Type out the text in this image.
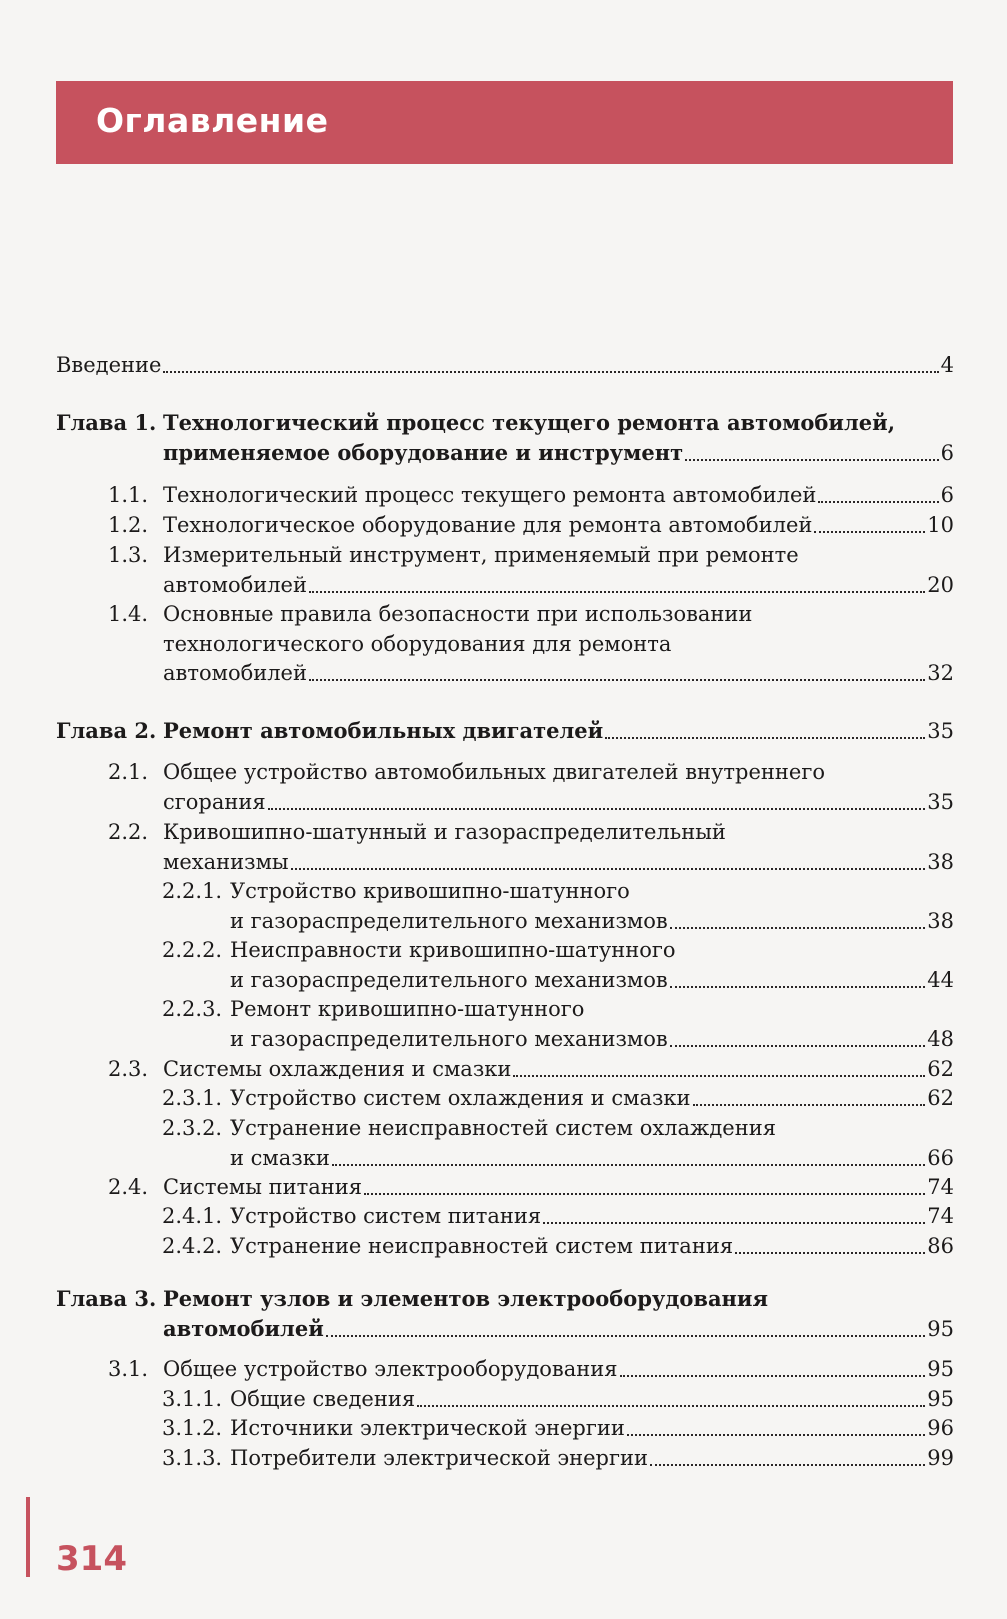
Оглавление
Введение	4
Глава 1. Технологический процесс текущего ремонта автомобилей,
применяемое оборудование и инструмент	6
1.1. Технологический процесс текущего ремонта автомобилей	6
1.2. Технологическое оборудование для ремонта автомобилей	10
1.3. Измерительный инструмент, применяемый при ремонте
автомобилей	20
1.4. Основные правила безопасности при использовании
технологического оборудования для ремонта
автомобилей	32
Глава 2. Ремонт автомобильных двигателей	35
2.1. Общее устройство автомобильных двигателей внутреннего
сгорания	35
2.2. Кривошипно-шатунный и газораспределительный
механизмы	38
2.2.1. Устройство кривошипно-шатунного
и газораспределительного механизмов	38
2.2.2. Неисправности кривошипно-шатунного
и газораспределительного механизмов	44
2.2.3. Ремонт кривошипно-шатунного
и газораспределительного механизмов	48
2.3. Системы охлаждения и смазки	62
2.3.1. Устройство систем охлаждения и смазки	62
2.3.2. Устранение неисправностей систем охлаждения
и смазки	66
2.4. Системы питания	74
2.4.1. Устройство систем питания	74
2.4.2. Устранение неисправностей систем питания	86
Глава 3. Ремонт узлов и элементов электрооборудования
автомобилей	95
3.1. Общее устройство электрооборудования	95
3.1.1. Общие сведения	95
3.1.2. Источники электрической энергии	96
3.1.3. Потребители электрической энергии	99
314
